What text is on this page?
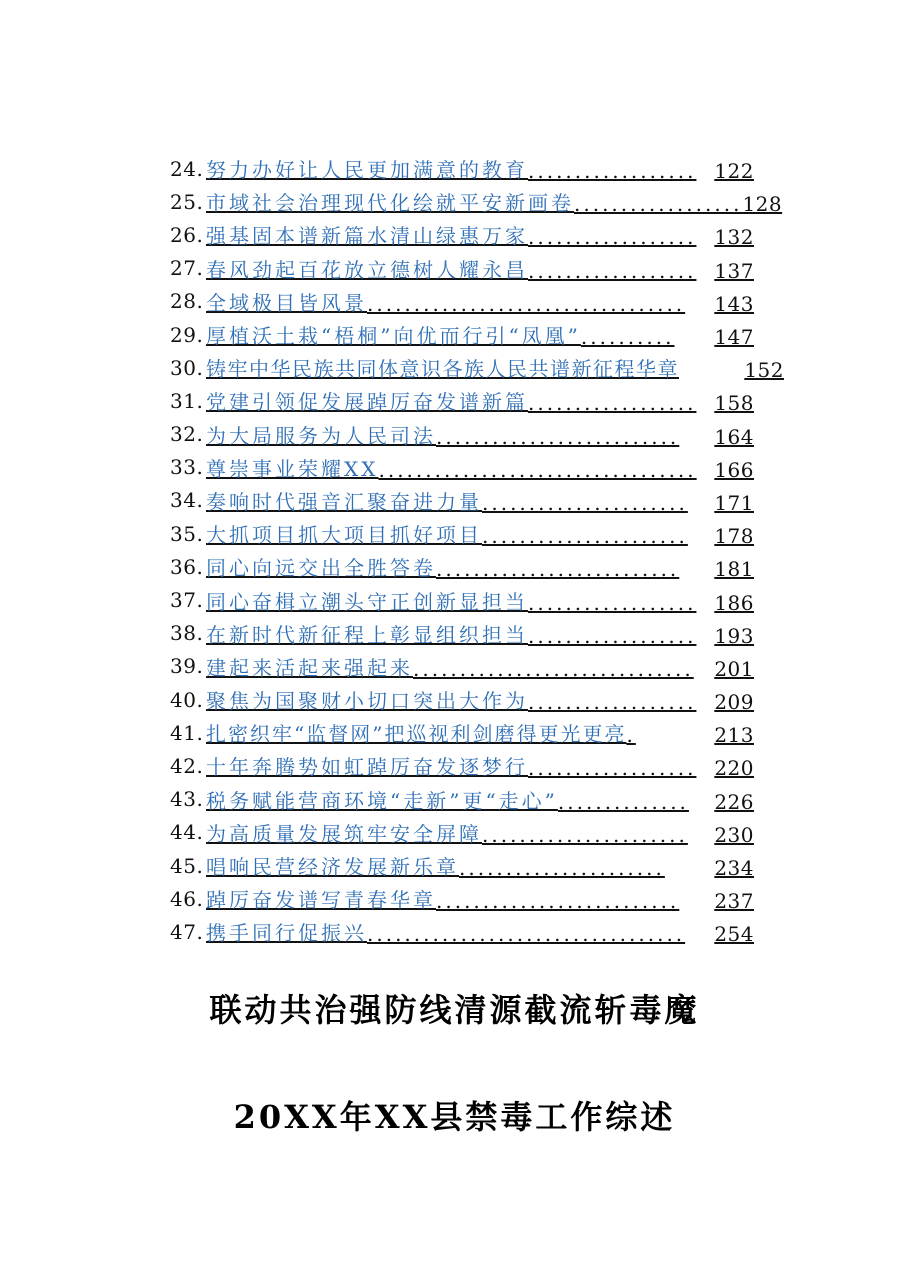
24. 努力办好让人民更加满意的教育 .................. 122
25. 市域社会治理现代化绘就平安新画卷 .................. 128
26. 强基固本谱新篇水清山绿惠万家 .................. 132
27. 春风劲起百花放立德树人耀永昌 .................. 137
28. 全域极目皆风景 ..................................	143
29. 厚植沃土栽“梧桐”向优而行引“凤凰” ..........	147
30. 铸牢中华民族共同体意识各族人民共谱新征程华章	152
31. 党建引领促发展踔厉奋发谱新篇 .................. 158
32. 为大局服务为人民司法 ..........................	164
33. 尊崇事业荣耀XX .................................. 166
34. 奏响时代强音汇聚奋进力量 ......................	171
35. 大抓项目抓大项目抓好项目 ......................	178
36. 同心向远交出全胜答卷 ..........................	181
37. 同心奋楫立潮头守正创新显担当 .................. 186
38. 在新时代新征程上彰显组织担当 .................. 193
39. 建起来活起来强起来 ..............................	201
40. 聚焦为国聚财小切口突出大作为 .................. 209
41. 扎密织牢“监督网”把巡视利剑磨得更光更亮 .	213
42. 十年奔腾势如虹踔厉奋发逐梦行 .................. 220
43. 税务赋能营商环境“走新”更“走心” ..............	226
44. 为高质量发展筑牢安全屏障 ......................	230
45. 唱响民营经济发展新乐章 ......................	234
46. 踔厉奋发谱写青春华章 ..........................	237
47. 携手同行促振兴 ..................................	254
联动共治强防线清源截流斩毒魔
20XX年XX县禁毒工作综述
